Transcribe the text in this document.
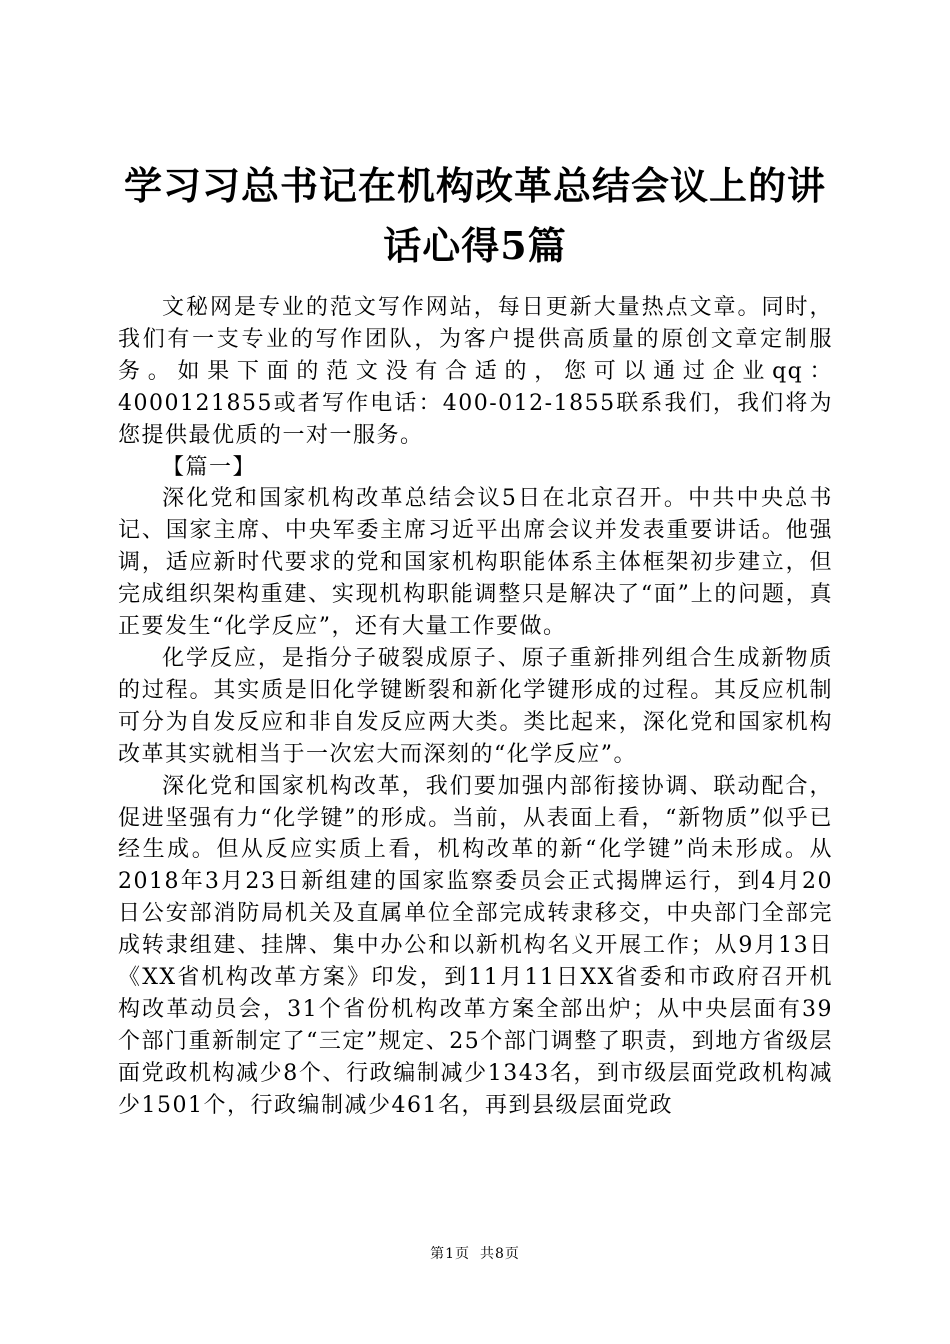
学习习总书记在机构改革总结会议上的讲话心得5篇

文秘网是专业的范文写作网站，每日更新大量热点文章。同时，我们有一支专业的写作团队，为客户提供高质量的原创文章定制服务。如果下面的范文没有合适的，您可以通过企业qq：4000121855或者写作电话：400-012-1855联系我们，我们将为您提供最优质的一对一服务。

【篇一】

深化党和国家机构改革总结会议5日在北京召开。中共中央总书记、国家主席、中央军委主席习近平出席会议并发表重要讲话。他强调，适应新时代要求的党和国家机构职能体系主体框架初步建立，但完成组织架构重建、实现机构职能调整只是解决了“面”上的问题，真正要发生“化学反应”，还有大量工作要做。

化学反应，是指分子破裂成原子、原子重新排列组合生成新物质的过程。其实质是旧化学键断裂和新化学键形成的过程。其反应机制可分为自发反应和非自发反应两大类。类比起来，深化党和国家机构改革其实就相当于一次宏大而深刻的“化学反应”。

深化党和国家机构改革，我们要加强内部衔接协调、联动配合，促进坚强有力“化学键”的形成。当前，从表面上看，“新物质”似乎已经生成。但从反应实质上看，机构改革的新“化学键”尚未形成。从2018年3月23日新组建的国家监察委员会正式揭牌运行，到4月20日公安部消防局机关及直属单位全部完成转隶移交，中央部门全部完成转隶组建、挂牌、集中办公和以新机构名义开展工作；从9月13日《XX省机构改革方案》印发，到11月11日XX省委和市政府召开机构改革动员会，31个省份机构改革方案全部出炉；从中央层面有39个部门重新制定了“三定”规定、25个部门调整了职责，到地方省级层面党政机构减少8个、行政编制减少1343名，到市级层面党政机构减少1501个，行政编制减少461名，再到县级层面党政

第1页 共8页
